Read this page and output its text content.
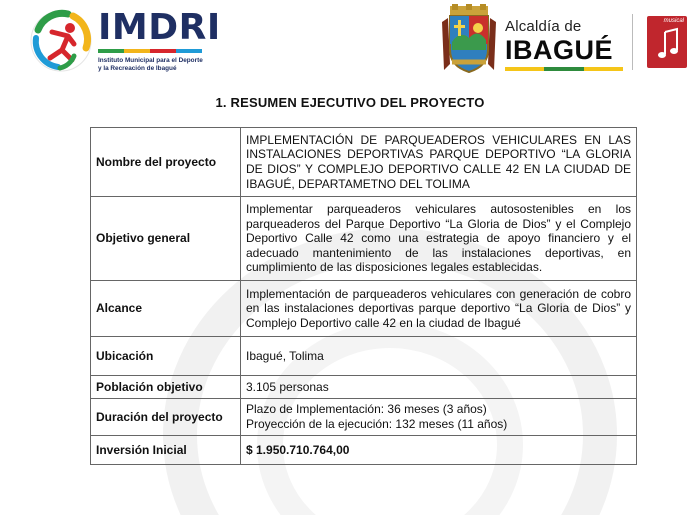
IMDRI
Instituto Municipal para el Deporte
y la Recreación de Ibagué
Alcaldía de
IBAGUÉ
musical
1. RESUMEN EJECUTIVO DEL PROYECTO
Nombre del proyecto	IMPLEMENTACIÓN DE PARQUEADEROS VEHICULARES EN LAS INSTALACIONES DEPORTIVAS PARQUE DEPORTIVO “LA GLORIA DE DIOS” Y COMPLEJO DEPORTIVO CALLE 42 EN LA CIUDAD DE IBAGUÉ, DEPARTAMETNO DEL TOLIMA
Objetivo general	Implementar parqueaderos vehiculares autosostenibles en los parqueaderos del Parque Deportivo “La Gloria de Dios” y el Complejo Deportivo Calle 42 como una estrategia de apoyo financiero y el adecuado mantenimiento de las instalaciones deportivas, en cumplimiento de las disposiciones legales establecidas.
Alcance	Implementación de parqueaderos vehiculares con generación de cobro en las instalaciones deportivas parque deportivo “La Gloria de Dios” y Complejo Deportivo calle 42 en la ciudad de Ibagué
Ubicación	Ibagué, Tolima
Población objetivo	3.105 personas
Duración del proyecto	Plazo de Implementación: 36 meses (3 años)
Proyección de la ejecución: 132 meses (11 años)

Inversión Inicial	$ 1.950.710.764,00
